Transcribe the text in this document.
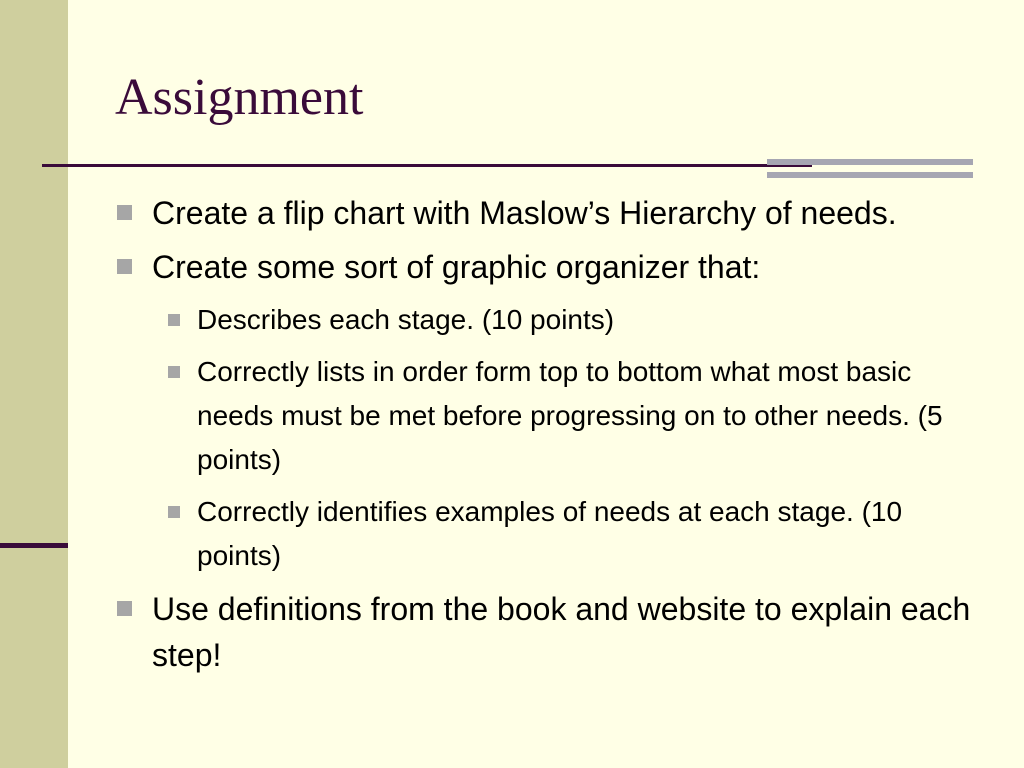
Assignment
Create a flip chart with Maslow’s Hierarchy of needs.
Create some sort of graphic organizer that:
Describes each stage. (10 points)
Correctly lists in order form top to bottom what most basic needs must be met before progressing on to other needs. (5 points)
Correctly identifies examples of needs at each stage. (10 points)
Use definitions from the book and website to explain each step!
